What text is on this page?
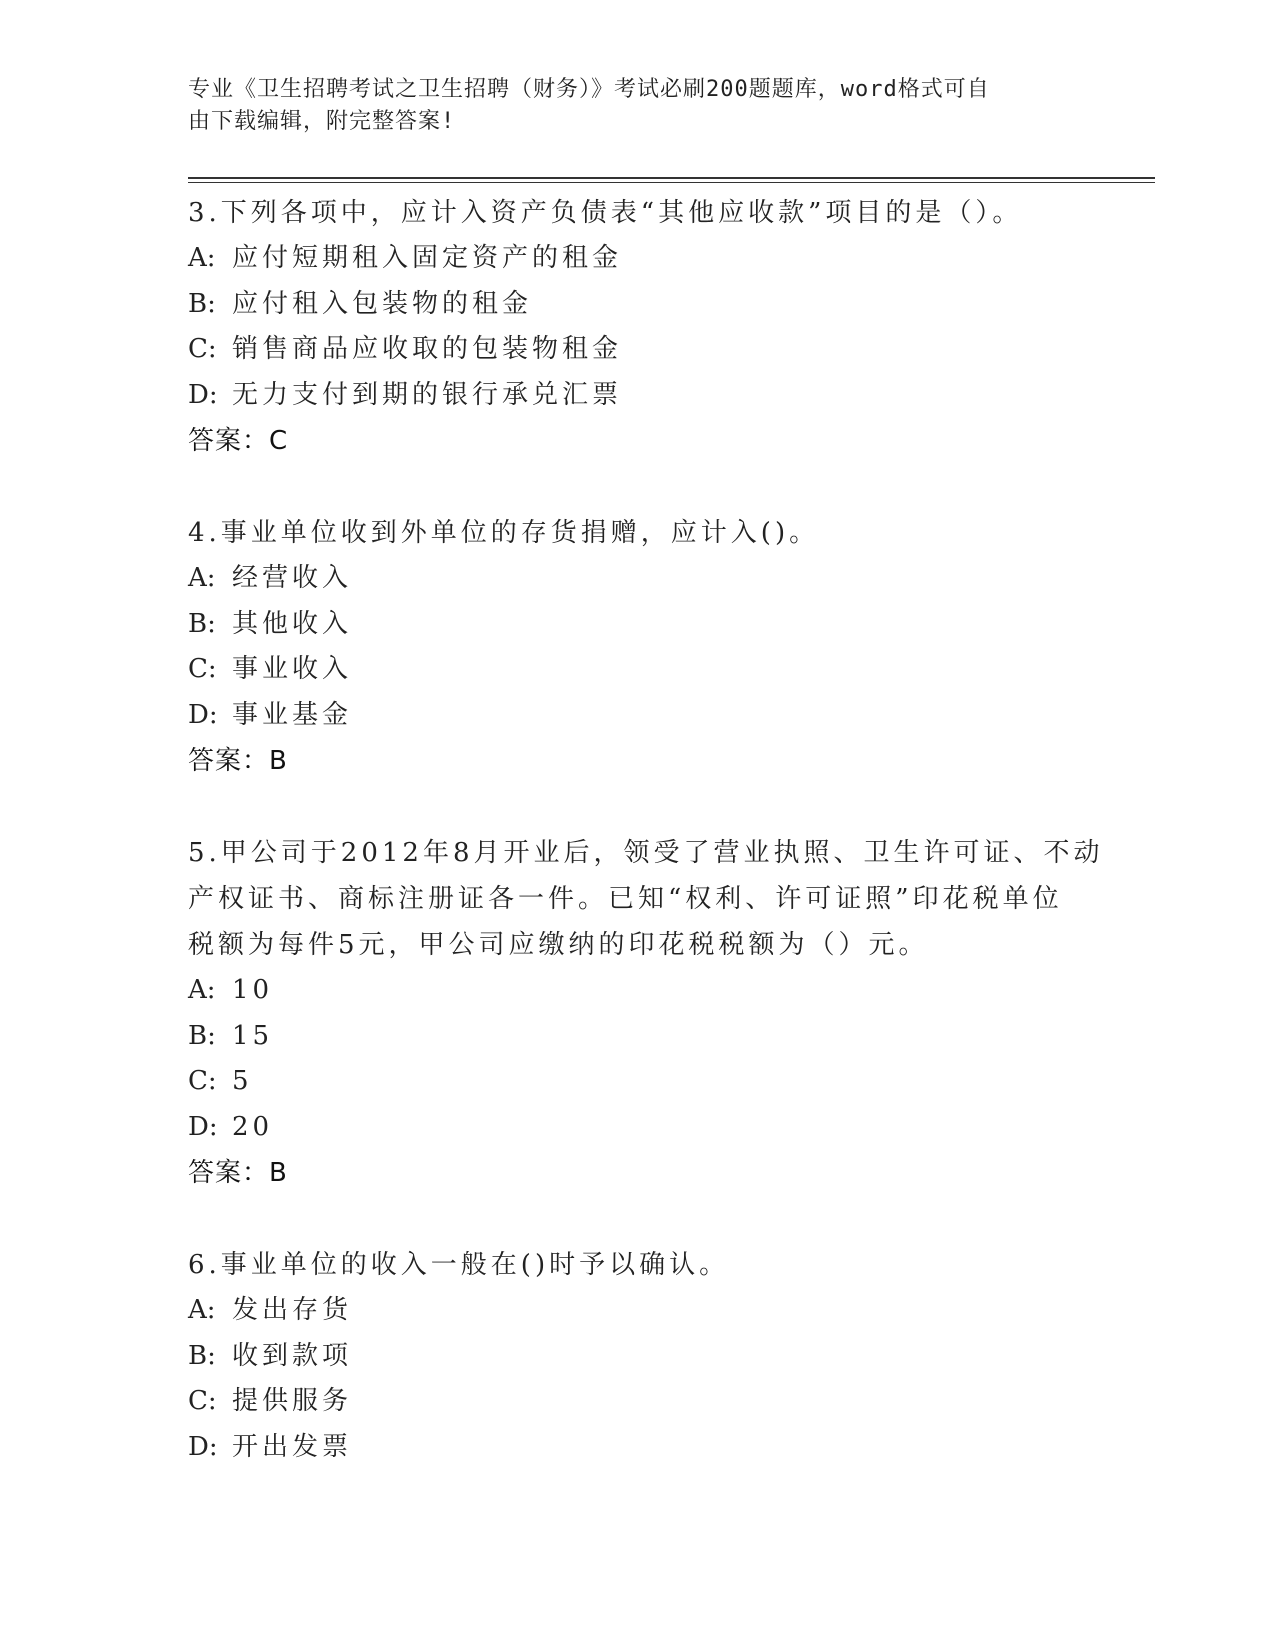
专业《卫生招聘考试之卫生招聘（财务）》考试必刷200题题库，word格式可自
由下载编辑，附完整答案!
3.下列各项中，应计入资产负债表“其他应收款”项目的是（）。
A: 应付短期租入固定资产的租金
B: 应付租入包装物的租金
C: 销售商品应收取的包装物租金
D: 无力支付到期的银行承兑汇票
答案：C
4.事业单位收到外单位的存货捐赠，应计入()。
A: 经营收入
B: 其他收入
C: 事业收入
D: 事业基金
答案：B
5.甲公司于2012年8月开业后，领受了营业执照、卫生许可证、不动
产权证书、商标注册证各一件。已知“权利、许可证照”印花税单位
税额为每件5元，甲公司应缴纳的印花税税额为（）元。
A: 10
B: 15
C: 5
D: 20
答案：B
6.事业单位的收入一般在()时予以确认。
A: 发出存货
B: 收到款项
C: 提供服务
D: 开出发票
